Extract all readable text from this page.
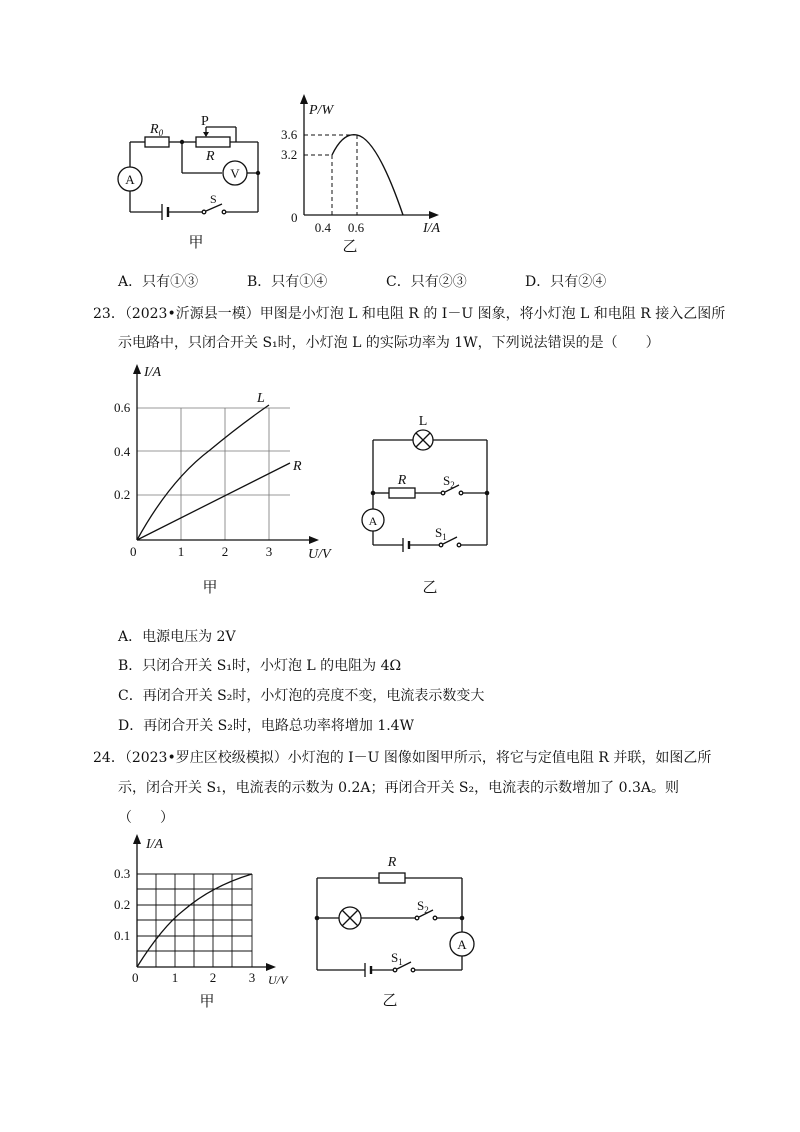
$R_0$
P
R
A	V
S
甲
P/W
I/A
0
3.6
3.2
0.4 0.6
乙
A．只有①③	B．只有①④	C．只有②③	D．只有②④
23．（2023•沂源县一模）甲图是小灯泡 L 和电阻 R 的 I－U 图象，将小灯泡 L 和电阻 R 接入乙图所
示电路中，只闭合开关 S₁时，小灯泡 L 的实际功率为 1W，下列说法错误的是（　　）
I/A
U/V
0
0.2
0.4
0.6
1	2	3
L
R
甲
L
R	$S_2$
A
$S_1$
乙
A．电源电压为 2V
B．只闭合开关 S₁时，小灯泡 L 的电阻为 4Ω
C．再闭合开关 S₂时，小灯泡的亮度不变，电流表示数变大
D．再闭合开关 S₂时，电路总功率将增加 1.4W
24．（2023•罗庄区校级模拟）小灯泡的 I－U 图像如图甲所示，将它与定值电阻 R 并联，如图乙所
示，闭合开关 S₁，电流表的示数为 0.2A；再闭合开关 S₂，电流表的示数增加了 0.3A。则
（　　）
I/A
U/V
0
0.1
0.2
0.3
1 2	3
甲
R
$S_2$
A
$S_1$
乙
